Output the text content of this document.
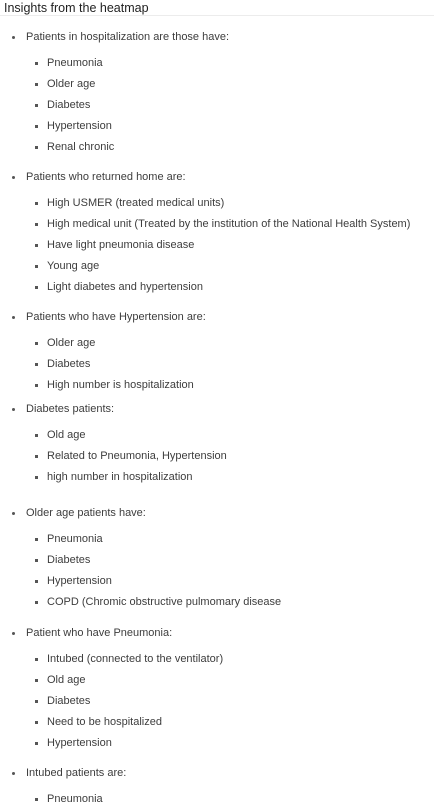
Insights from the heatmap
Patients in hospitalization are those have:
Pneumonia
Older age
Diabetes
Hypertension
Renal chronic
Patients who returned home are:
High USMER (treated medical units)
High medical unit (Treated by the institution of the National Health System)
Have light pneumonia disease
Young age
Light diabetes and hypertension
Patients who have Hypertension are:
Older age
Diabetes
High number is hospitalization
Diabetes patients:
Old age
Related to Pneumonia, Hypertension
high number in hospitalization
Older age patients have:
Pneumonia
Diabetes
Hypertension
COPD (Chromic obstructive pulmomary disease
Patient who have Pneumonia:
Intubed (connected to the ventilator)
Old age
Diabetes
Need to be hospitalized
Hypertension
Intubed patients are:
Pneumonia
